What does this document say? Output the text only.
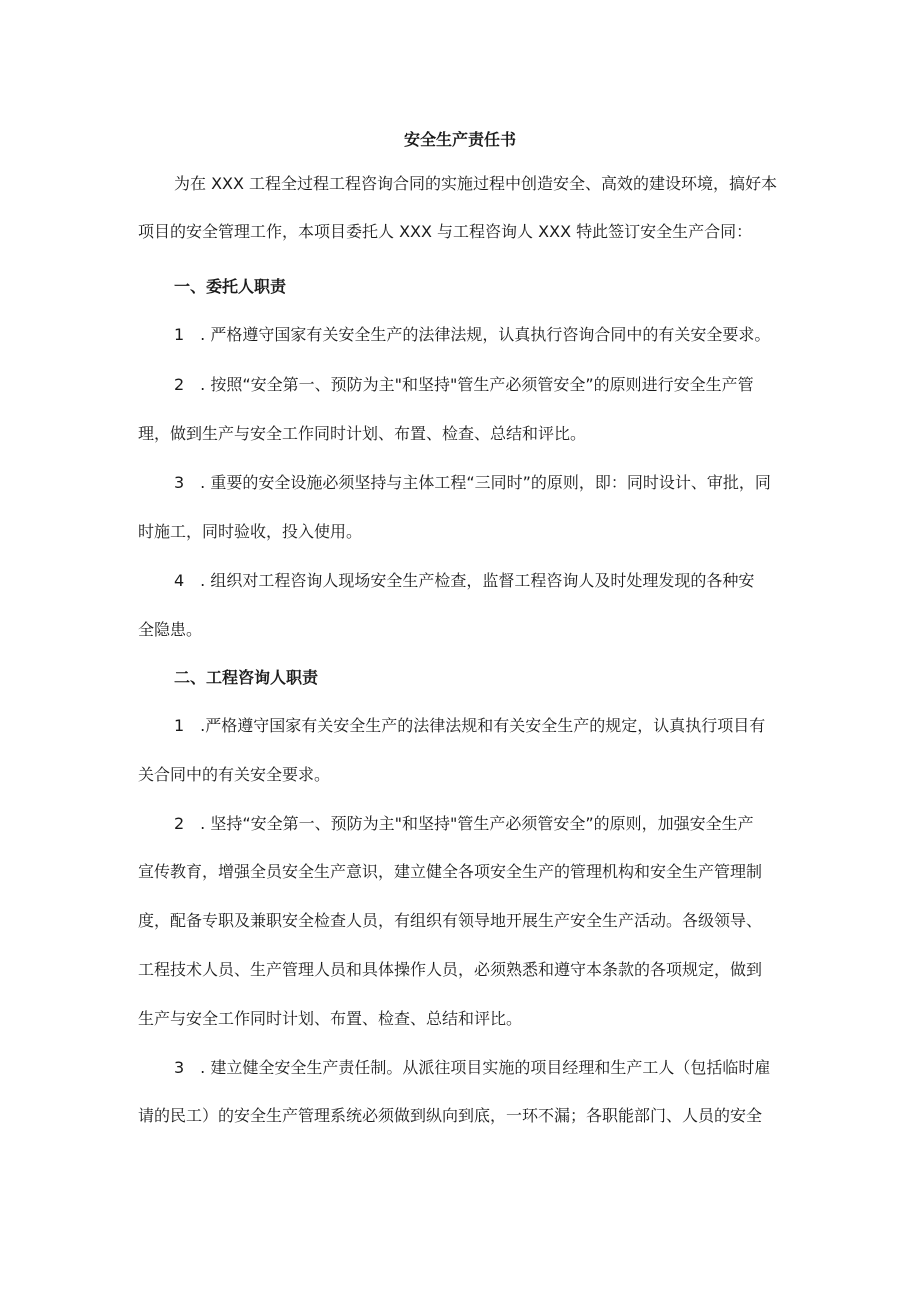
安全生产责任书
为在 XXX 工程全过程工程咨询合同的实施过程中创造安全、高效的建设环境，搞好本
项目的安全管理工作，本项目委托人 XXX 与工程咨询人 XXX 特此签订安全生产合同：
一、委托人职责
1　. 严格遵守国家有关安全生产的法律法规，认真执行咨询合同中的有关安全要求。
2　. 按照“安全第一、预防为主"和坚持"管生产必须管安全”的原则进行安全生产管
理，做到生产与安全工作同时计划、布置、检查、总结和评比。
3　. 重要的安全设施必须坚持与主体工程“三同时”的原则，即：同时设计、审批，同
时施工，同时验收，投入使用。
4　. 组织对工程咨询人现场安全生产检查，监督工程咨询人及时处理发现的各种安
全隐患。
二、工程咨询人职责
1　.严格遵守国家有关安全生产的法律法规和有关安全生产的规定，认真执行项目有
关合同中的有关安全要求。
2　. 坚持“安全第一、预防为主"和坚持"管生产必须管安全”的原则，加强安全生产
宣传教育，增强全员安全生产意识，建立健全各项安全生产的管理机构和安全生产管理制
度，配备专职及兼职安全检查人员，有组织有领导地开展生产安全生产活动。各级领导、
工程技术人员、生产管理人员和具体操作人员，必须熟悉和遵守本条款的各项规定，做到
生产与安全工作同时计划、布置、检查、总结和评比。
3　. 建立健全安全生产责任制。从派往项目实施的项目经理和生产工人（包括临时雇
请的民工）的安全生产管理系统必须做到纵向到底，一环不漏；各职能部门、人员的安全
